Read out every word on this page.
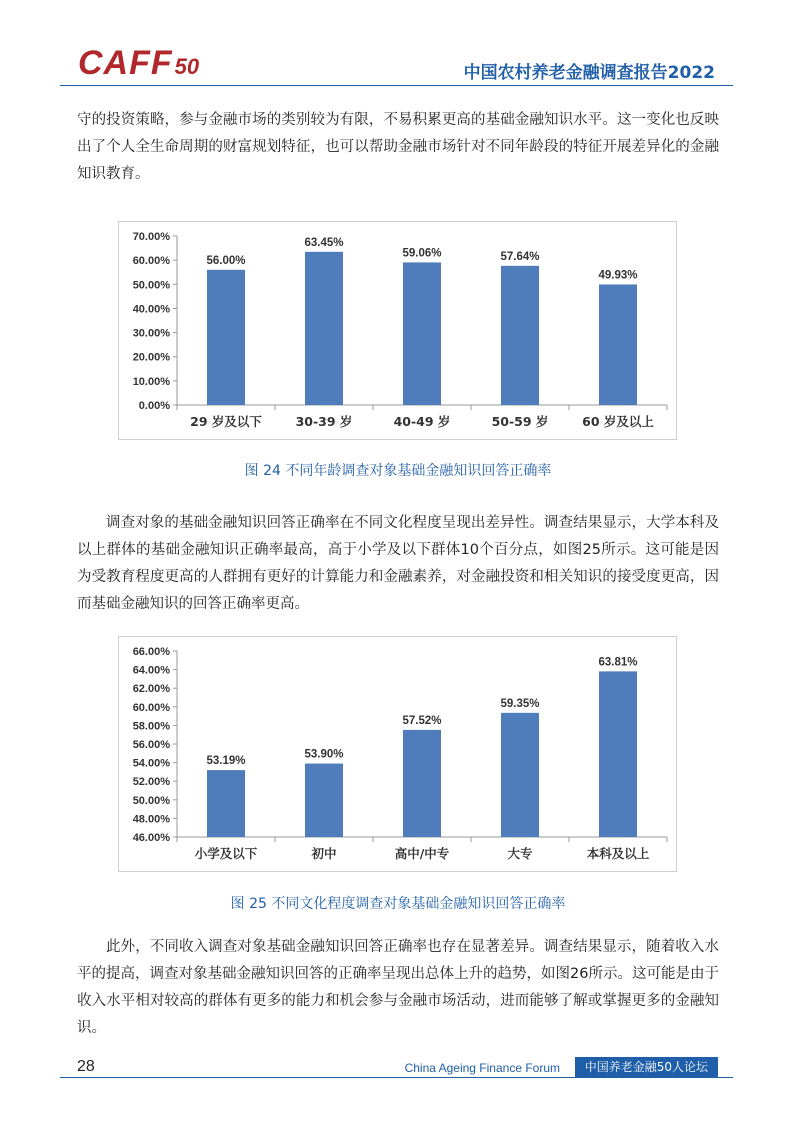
CAFF50	中国农村养老金融调查报告2022
守的投资策略，参与金融市场的类别较为有限，不易积累更高的基础金融知识水平。这一变化也反映出了个人全生命周期的财富规划特征，也可以帮助金融市场针对不同年龄段的特征开展差异化的金融知识教育。
0.00%
10.00%
20.00%
30.00%
40.00%
50.00%
60.00%
70.00%
56.00%
29 岁及以下
63.45%
30-39 岁
59.06%
40-49 岁
57.64%
50-59 岁
49.93%
60 岁及以上
图 24 不同年龄调查对象基础金融知识回答正确率
调查对象的基础金融知识回答正确率在不同文化程度呈现出差异性。调查结果显示，大学本科及以上群体的基础金融知识正确率最高，高于小学及以下群体10个百分点，如图25所示。这可能是因为受教育程度更高的人群拥有更好的计算能力和金融素养，对金融投资和相关知识的接受度更高，因而基础金融知识的回答正确率更高。
46.00%
48.00%
50.00%
52.00%
54.00%
56.00%
58.00%
60.00%
62.00%
64.00%
66.00%
53.19%
小学及以下
53.90%
初中
57.52%
高中/中专
59.35%
大专
63.81%
本科及以上
图 25 不同文化程度调查对象基础金融知识回答正确率
此外，不同收入调查对象基础金融知识回答正确率也存在显著差异。调查结果显示，随着收入水平的提高，调查对象基础金融知识回答的正确率呈现出总体上升的趋势，如图26所示。这可能是由于收入水平相对较高的群体有更多的能力和机会参与金融市场活动，进而能够了解或掌握更多的金融知识。
28	China Ageing Finance Forum	中国养老金融50人论坛
